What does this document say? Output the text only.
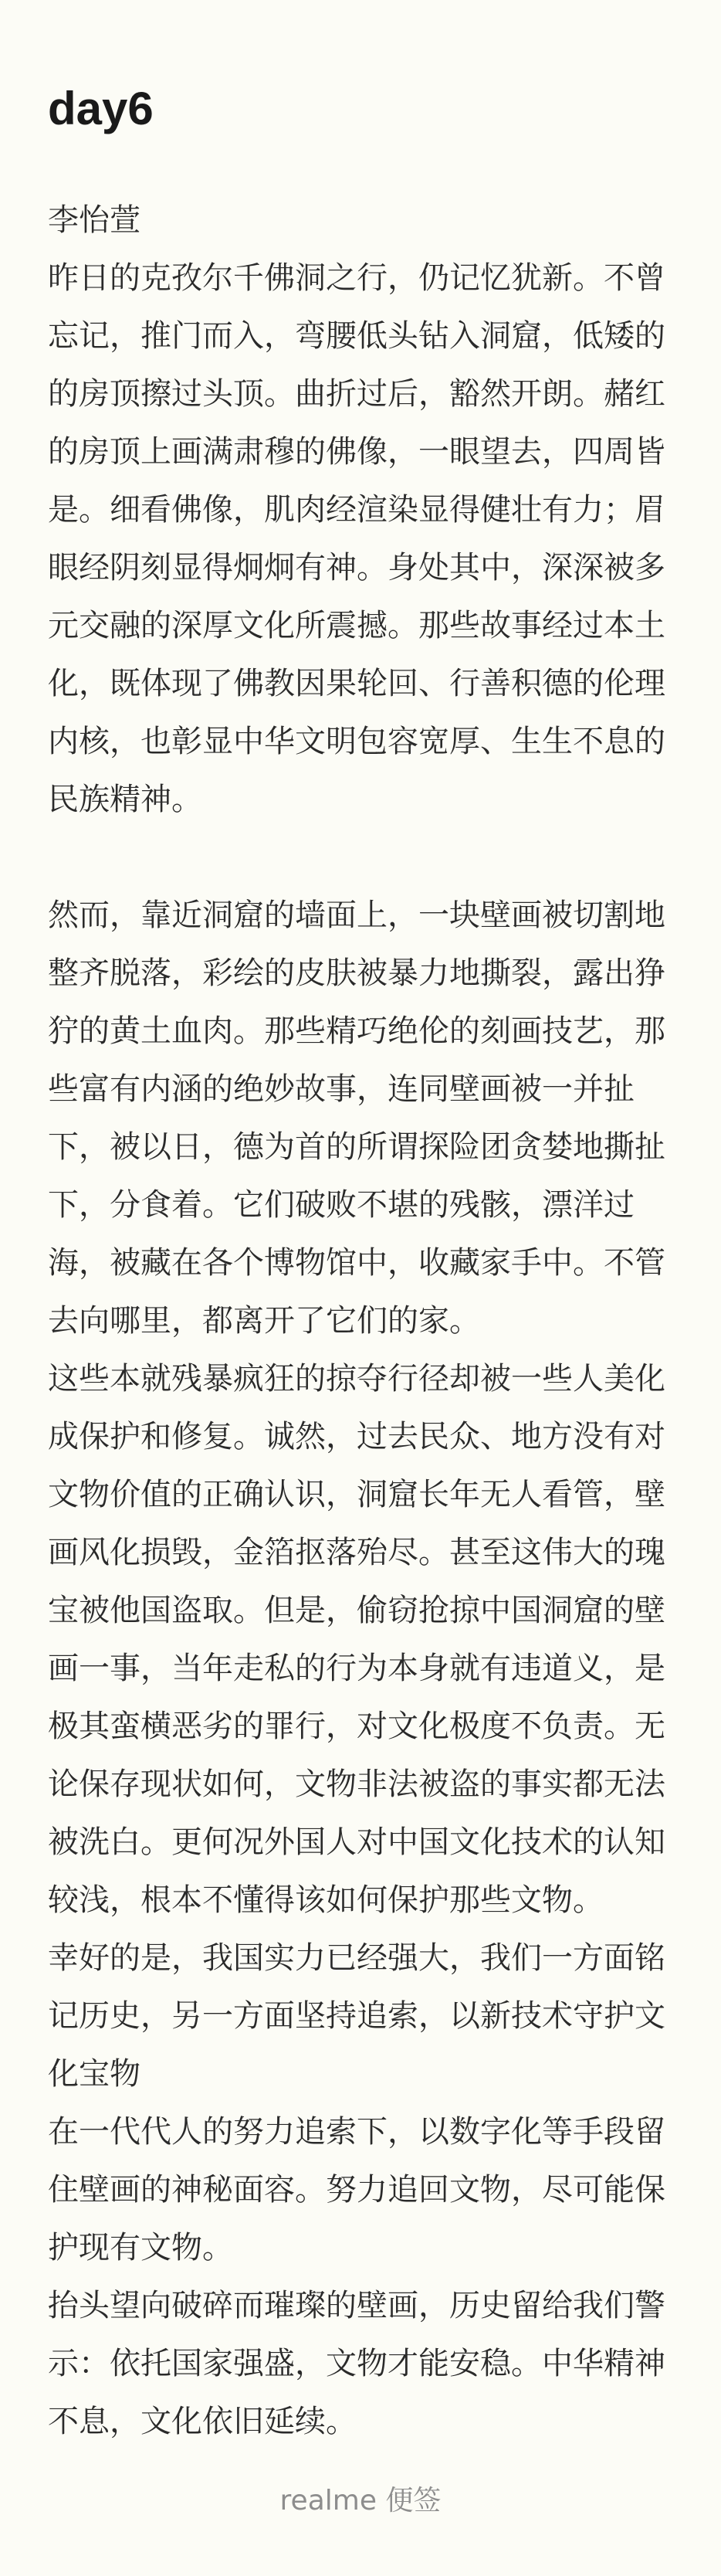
day6

李怡萱

昨日的克孜尔千佛洞之行，仍记忆犹新。不曾忘记，推门而入，弯腰低头钻入洞窟，低矮的的房顶擦过头顶。曲折过后，豁然开朗。赭红的房顶上画满肃穆的佛像，一眼望去，四周皆是。细看佛像，肌肉经渲染显得健壮有力；眉眼经阴刻显得炯炯有神。身处其中，深深被多元交融的深厚文化所震撼。那些故事经过本土化，既体现了佛教因果轮回、行善积德的伦理内核，也彰显中华文明包容宽厚、生生不息的民族精神。

然而，靠近洞窟的墙面上，一块壁画被切割地整齐脱落，彩绘的皮肤被暴力地撕裂，露出狰狞的黄土血肉。那些精巧绝伦的刻画技艺，那些富有内涵的绝妙故事，连同壁画被一并扯下，被以日，德为首的所谓探险团贪婪地撕扯下，分食着。它们破败不堪的残骸，漂洋过海，被藏在各个博物馆中，收藏家手中。不管去向哪里，都离开了它们的家。

这些本就残暴疯狂的掠夺行径却被一些人美化成保护和修复。诚然，过去民众、地方没有对文物价值的正确认识，洞窟长年无人看管，壁画风化损毁，金箔抠落殆尽。甚至这伟大的瑰宝被他国盗取。但是，偷窃抢掠中国洞窟的壁画一事，当年走私的行为本身就有违道义，是极其蛮横恶劣的罪行，对文化极度不负责。无论保存现状如何，文物非法被盗的事实都无法被洗白。更何况外国人对中国文化技术的认知较浅，根本不懂得该如何保护那些文物。

幸好的是，我国实力已经强大，我们一方面铭记历史，另一方面坚持追索，以新技术守护文化宝物

在一代代人的努力追索下，以数字化等手段留住壁画的神秘面容。努力追回文物，尽可能保护现有文物。

抬头望向破碎而璀璨的壁画，历史留给我们警示：依托国家强盛，文物才能安稳。中华精神不息，文化依旧延续。

realme 便签
